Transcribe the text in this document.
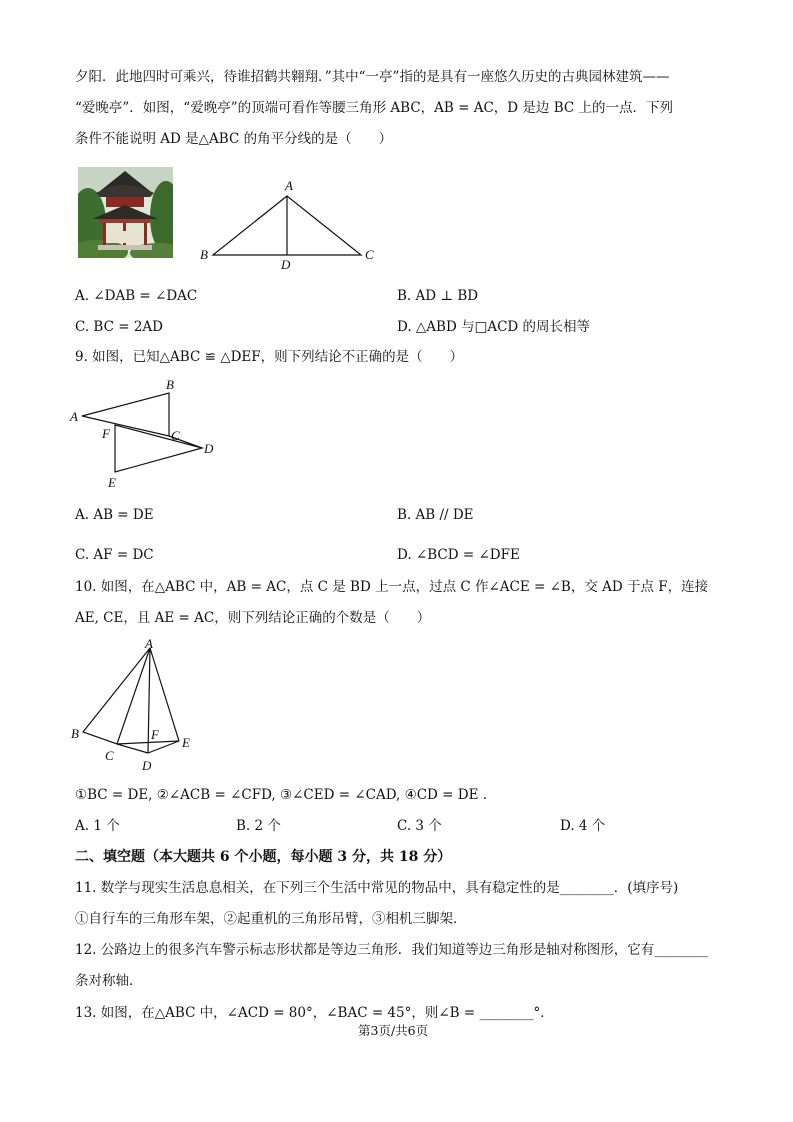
夕阳．此地四时可乘兴，待谁招鹤共翱翔．”其中“一亭”指的是具有一座悠久历史的古典园林建筑——
“爱晚亭”．如图，“爱晚亭”的顶端可看作等腰三角形 ABC，AB = AC，D 是边 BC 上的一点．下列
条件不能说明 AD 是△ABC 的角平分线的是（　　）
A
B	C
D
A. ∠DAB = ∠DAC	B. AD ⊥ BD
C. BC = 2AD	D. △ABD 与□ACD 的周长相等
9. 如图，已知△ABC ≌ △DEF，则下列结论不正确的是（　　）
A
B
C
D
E
F
A. AB = DE	B. AB // DE
C. AF = DC	D. ∠BCD = ∠DFE
10. 如图，在△ABC 中，AB = AC，点 C 是 BD 上一点，过点 C 作∠ACE = ∠B，交 AD 于点 F，连接
AE, CE，且 AE = AC，则下列结论正确的个数是（　　）
A
B
C
D
E
F
①BC = DE, ②∠ACB = ∠CFD, ③∠CED = ∠CAD, ④CD = DE .
A. 1 个	B. 2 个	C. 3 个	D. 4 个
二、填空题（本大题共 6 个小题，每小题 3 分，共 18 分）
11. 数学与现实生活息息相关，在下列三个生活中常见的物品中，具有稳定性的是________．(填序号)
①自行车的三角形车架，②起重机的三角形吊臂，③相机三脚架．
12. 公路边上的很多汽车警示标志形状都是等边三角形．我们知道等边三角形是轴对称图形，它有________
条对称轴．
13. 如图，在△ABC 中，∠ACD = 80°，∠BAC = 45°，则∠B = ________°．
第3页/共6页
